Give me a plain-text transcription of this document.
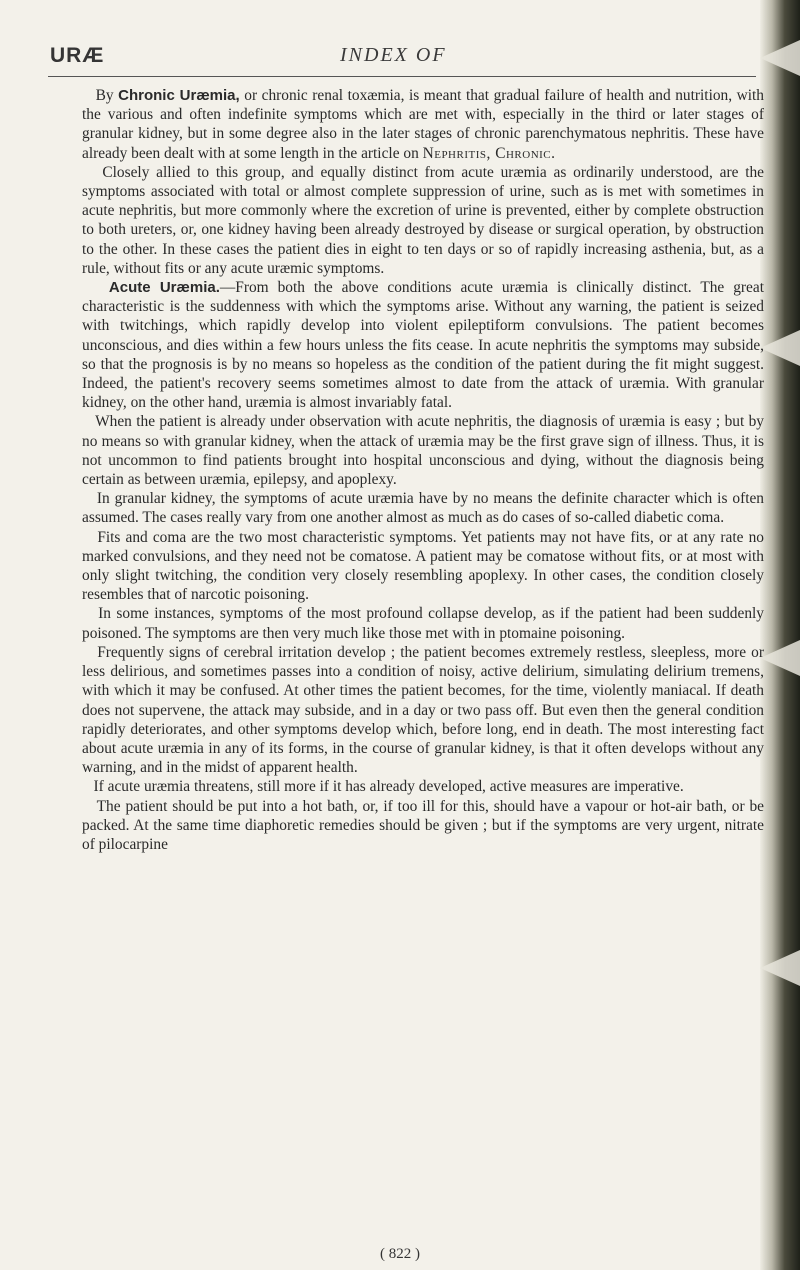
URÆ	INDEX OF

By Chronic Uræmia, or chronic renal toxæmia, is meant that gradual failure of health and nutrition, with the various and often indefinite symptoms which are met with, especially in the third or later stages of granular kidney, but in some degree also in the later stages of chronic parenchymatous nephritis. These have already been dealt with at some length in the article on Nephritis, Chronic.

Closely allied to this group, and equally distinct from acute uræmia as ordinarily understood, are the symptoms associated with total or almost complete suppression of urine, such as is met with sometimes in acute nephritis, but more commonly where the excretion of urine is prevented, either by complete obstruction to both ureters, or, one kidney having been already destroyed by disease or surgical operation, by obstruction to the other. In these cases the patient dies in eight to ten days or so of rapidly increasing asthenia, but, as a rule, without fits or any acute uræmic symptoms.

Acute Uræmia.—From both the above conditions acute uræmia is clinically distinct. The great characteristic is the suddenness with which the symptoms arise. Without any warning, the patient is seized with twitchings, which rapidly develop into violent epileptiform convulsions. The patient becomes unconscious, and dies within a few hours unless the fits cease. In acute nephritis the symptoms may subside, so that the prognosis is by no means so hopeless as the condition of the patient during the fit might suggest. Indeed, the patient's recovery seems sometimes almost to date from the attack of uræmia. With granular kidney, on the other hand, uræmia is almost invariably fatal.

When the patient is already under observation with acute nephritis, the diagnosis of uræmia is easy ; but by no means so with granular kidney, when the attack of uræmia may be the first grave sign of illness. Thus, it is not uncommon to find patients brought into hospital unconscious and dying, without the diagnosis being certain as between uræmia, epilepsy, and apoplexy.

In granular kidney, the symptoms of acute uræmia have by no means the definite character which is often assumed. The cases really vary from one another almost as much as do cases of so-called diabetic coma.

Fits and coma are the two most characteristic symptoms. Yet patients may not have fits, or at any rate no marked convulsions, and they need not be comatose. A patient may be comatose without fits, or at most with only slight twitching, the condition very closely resembling apoplexy. In other cases, the condition closely resembles that of narcotic poisoning.

In some instances, symptoms of the most profound collapse develop, as if the patient had been suddenly poisoned. The symptoms are then very much like those met with in ptomaine poisoning.

Frequently signs of cerebral irritation develop ; the patient becomes extremely restless, sleepless, more or less delirious, and sometimes passes into a condition of noisy, active delirium, simulating delirium tremens, with which it may be confused. At other times the patient becomes, for the time, violently maniacal. If death does not supervene, the attack may subside, and in a day or two pass off. But even then the general condition rapidly deteriorates, and other symptoms develop which, before long, end in death. The most interesting fact about acute uræmia in any of its forms, in the course of granular kidney, is that it often develops without any warning, and in the midst of apparent health.

If acute uræmia threatens, still more if it has already developed, active measures are imperative.

The patient should be put into a hot bath, or, if too ill for this, should have a vapour or hot-air bath, or be packed. At the same time diaphoretic remedies should be given ; but if the symptoms are very urgent, nitrate of pilocarpine

( 822 )
